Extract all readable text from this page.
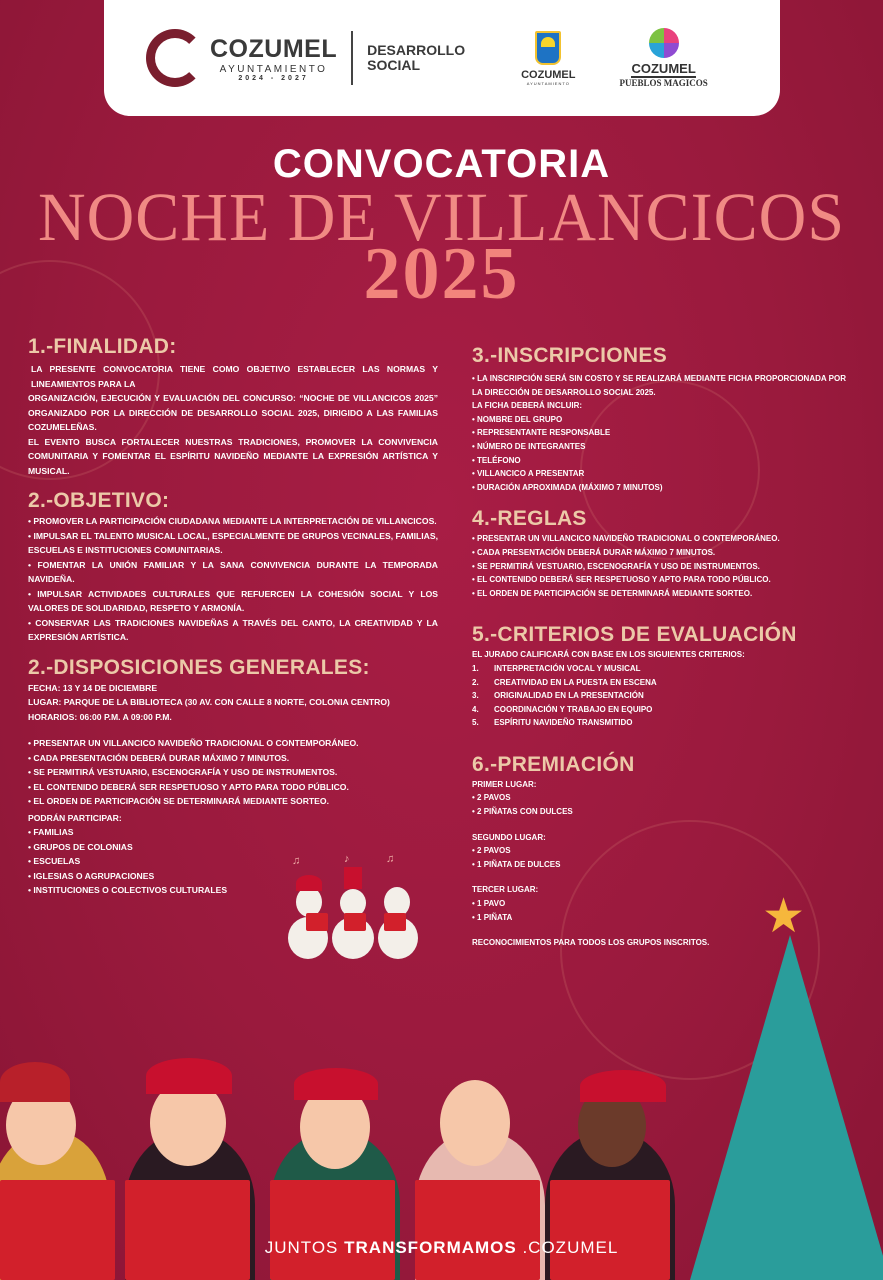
COZUMEL
AYUNTAMIENTO
2024 - 2027
DESARROLLO
SOCIAL
COZUMEL
AYUNTAMIENTO
COZUMEL
PUEBLOS MAGICOS
CONVOCATORIA
NOCHE DE VILLANCICOS
2025
1.-FINALIDAD:
LA PRESENTE CONVOCATORIA TIENE COMO OBJETIVO ESTABLECER LAS NORMAS Y LINEAMIENTOS PARA LA
ORGANIZACIÓN, EJECUCIÓN Y EVALUACIÓN DEL CONCURSO: “NOCHE DE VILLANCICOS 2025” ORGANIZADO POR LA DIRECCIÓN DE DESARROLLO SOCIAL 2025, DIRIGIDO A LAS FAMILIAS COZUMELEÑAS.
EL EVENTO BUSCA FORTALECER NUESTRAS TRADICIONES, PROMOVER LA CONVIVENCIA COMUNITARIA Y FOMENTAR EL ESPÍRITU NAVIDEÑO MEDIANTE LA EXPRESIÓN ARTÍSTICA Y MUSICAL.
2.-OBJETIVO:
• PROMOVER LA PARTICIPACIÓN CIUDADANA MEDIANTE LA INTERPRETACIÓN DE VILLANCICOS.
• IMPULSAR EL TALENTO MUSICAL LOCAL, ESPECIALMENTE DE GRUPOS VECINALES, FAMILIAS, ESCUELAS E INSTITUCIONES COMUNITARIAS.
• FOMENTAR LA UNIÓN FAMILIAR Y LA SANA CONVIVENCIA DURANTE LA TEMPORADA NAVIDEÑA.
• IMPULSAR ACTIVIDADES CULTURALES QUE REFUERCEN LA COHESIÓN SOCIAL Y LOS VALORES DE SOLIDARIDAD, RESPETO Y ARMONÍA.
• CONSERVAR LAS TRADICIONES NAVIDEÑAS A TRAVÉS DEL CANTO, LA CREATIVIDAD Y LA EXPRESIÓN ARTÍSTICA.
2.-DISPOSICIONES GENERALES:
FECHA: 13 Y 14 DE DICIEMBRE
LUGAR: PARQUE DE LA BIBLIOTECA (30 AV. CON CALLE 8 NORTE, COLONIA CENTRO)
HORARIOS: 06:00 P.M. A 09:00 P.M.
• PRESENTAR UN VILLANCICO NAVIDEÑO TRADICIONAL O CONTEMPORÁNEO.
• CADA PRESENTACIÓN DEBERÁ DURAR MÁXIMO 7 MINUTOS.
• SE PERMITIRÁ VESTUARIO, ESCENOGRAFÍA Y USO DE INSTRUMENTOS.
• EL CONTENIDO DEBERÁ SER RESPETUOSO Y APTO PARA TODO PÚBLICO.
• EL ORDEN DE PARTICIPACIÓN SE DETERMINARÁ MEDIANTE SORTEO.
PODRÁN PARTICIPAR:
• FAMILIAS
• GRUPOS DE COLONIAS
• ESCUELAS
• IGLESIAS O AGRUPACIONES
• INSTITUCIONES O COLECTIVOS CULTURALES
♫	♪	♫
3.-INSCRIPCIONES
• LA INSCRIPCIÓN SERÁ SIN COSTO Y SE REALIZARÁ MEDIANTE FICHA PROPORCIONADA POR LA DIRECCIÓN DE DESARROLLO SOCIAL 2025.
LA FICHA DEBERÁ INCLUIR:
• NOMBRE DEL GRUPO
• REPRESENTANTE RESPONSABLE
• NÚMERO DE INTEGRANTES
• TELÉFONO
• VILLANCICO A PRESENTAR
• DURACIÓN APROXIMADA (MÁXIMO 7 MINUTOS)
4.-REGLAS
• PRESENTAR UN VILLANCICO NAVIDEÑO TRADICIONAL O CONTEMPORÁNEO.
• CADA PRESENTACIÓN DEBERÁ DURAR MÁXIMO 7 MINUTOS.
• SE PERMITIRÁ VESTUARIO, ESCENOGRAFÍA Y USO DE INSTRUMENTOS.
• EL CONTENIDO DEBERÁ SER RESPETUOSO Y APTO PARA TODO PÚBLICO.
• EL ORDEN DE PARTICIPACIÓN SE DETERMINARÁ MEDIANTE SORTEO.
5.-CRITERIOS DE EVALUACIÓN
EL JURADO CALIFICARÁ CON BASE EN LOS SIGUIENTES CRITERIOS:
1. INTERPRETACIÓN VOCAL Y MUSICAL
2. CREATIVIDAD EN LA PUESTA EN ESCENA
3. ORIGINALIDAD EN LA PRESENTACIÓN
4. COORDINACIÓN Y TRABAJO EN EQUIPO
5. ESPÍRITU NAVIDEÑO TRANSMITIDO
6.-PREMIACIÓN
PRIMER LUGAR:
• 2 PAVOS
• 2 PIÑATAS CON DULCES
SEGUNDO LUGAR:
• 2 PAVOS
• 1 PIÑATA DE DULCES
TERCER LUGAR:
• 1 PAVO
• 1 PIÑATA
RECONOCIMIENTOS PARA TODOS LOS GRUPOS INSCRITOS.	★
JUNTOS TRANSFORMAMOS .COZUMEL
